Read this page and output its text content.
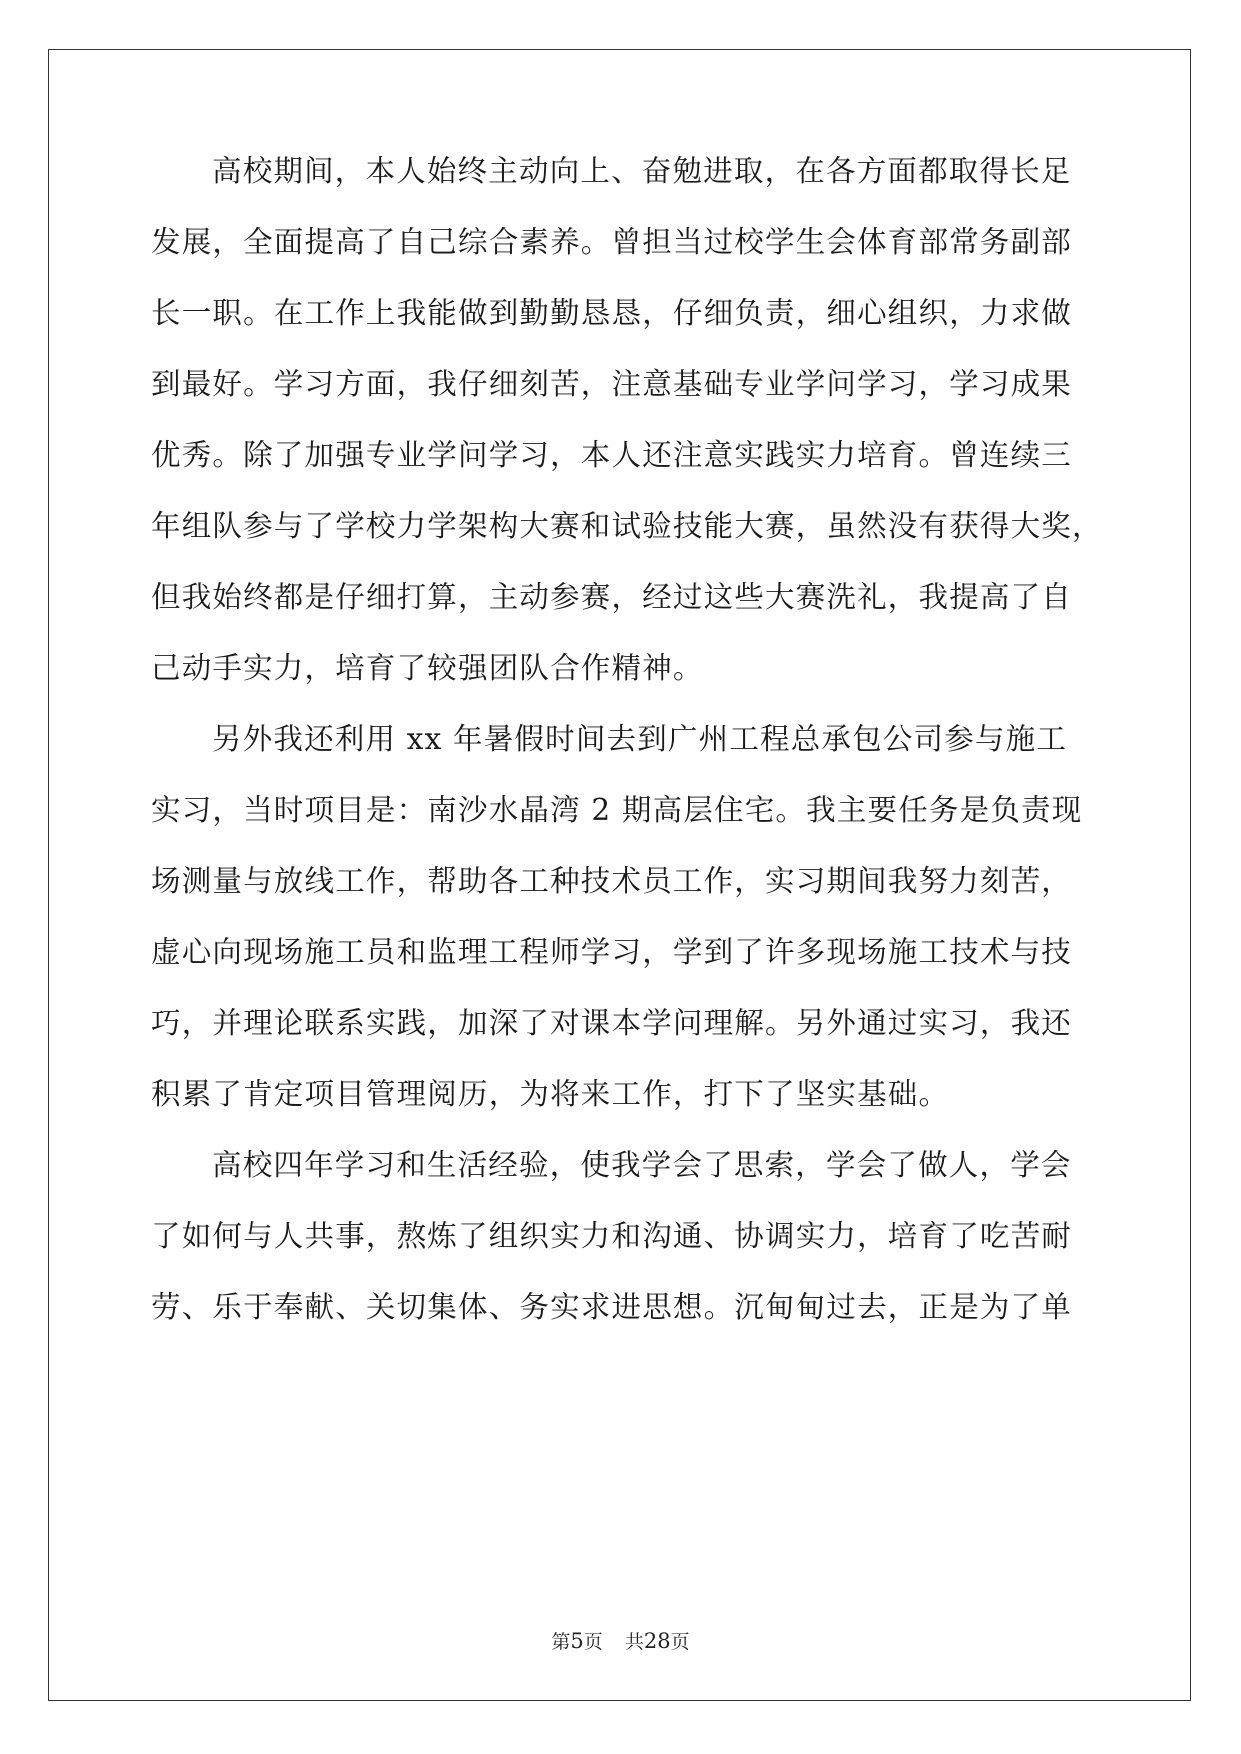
高校期间，本人始终主动向上、奋勉进取，在各方面都取得长足
发展，全面提高了自己综合素养。曾担当过校学生会体育部常务副部
长一职。在工作上我能做到勤勤恳恳，仔细负责，细心组织，力求做
到最好。学习方面，我仔细刻苦，注意基础专业学问学习，学习成果
优秀。除了加强专业学问学习，本人还注意实践实力培育。曾连续三
年组队参与了学校力学架构大赛和试验技能大赛，虽然没有获得大奖，
但我始终都是仔细打算，主动参赛，经过这些大赛洗礼，我提高了自
己动手实力，培育了较强团队合作精神。
另外我还利用 xx 年暑假时间去到广州工程总承包公司参与施工
实习，当时项目是：南沙水晶湾 2 期高层住宅。我主要任务是负责现
场测量与放线工作，帮助各工种技术员工作，实习期间我努力刻苦，
虚心向现场施工员和监理工程师学习，学到了许多现场施工技术与技
巧，并理论联系实践，加深了对课本学问理解。另外通过实习，我还
积累了肯定项目管理阅历，为将来工作，打下了坚实基础。
高校四年学习和生活经验，使我学会了思索，学会了做人，学会
了如何与人共事，熬炼了组织实力和沟通、协调实力，培育了吃苦耐
劳、乐于奉献、关切集体、务实求进思想。沉甸甸过去，正是为了单
第5页 共28页
